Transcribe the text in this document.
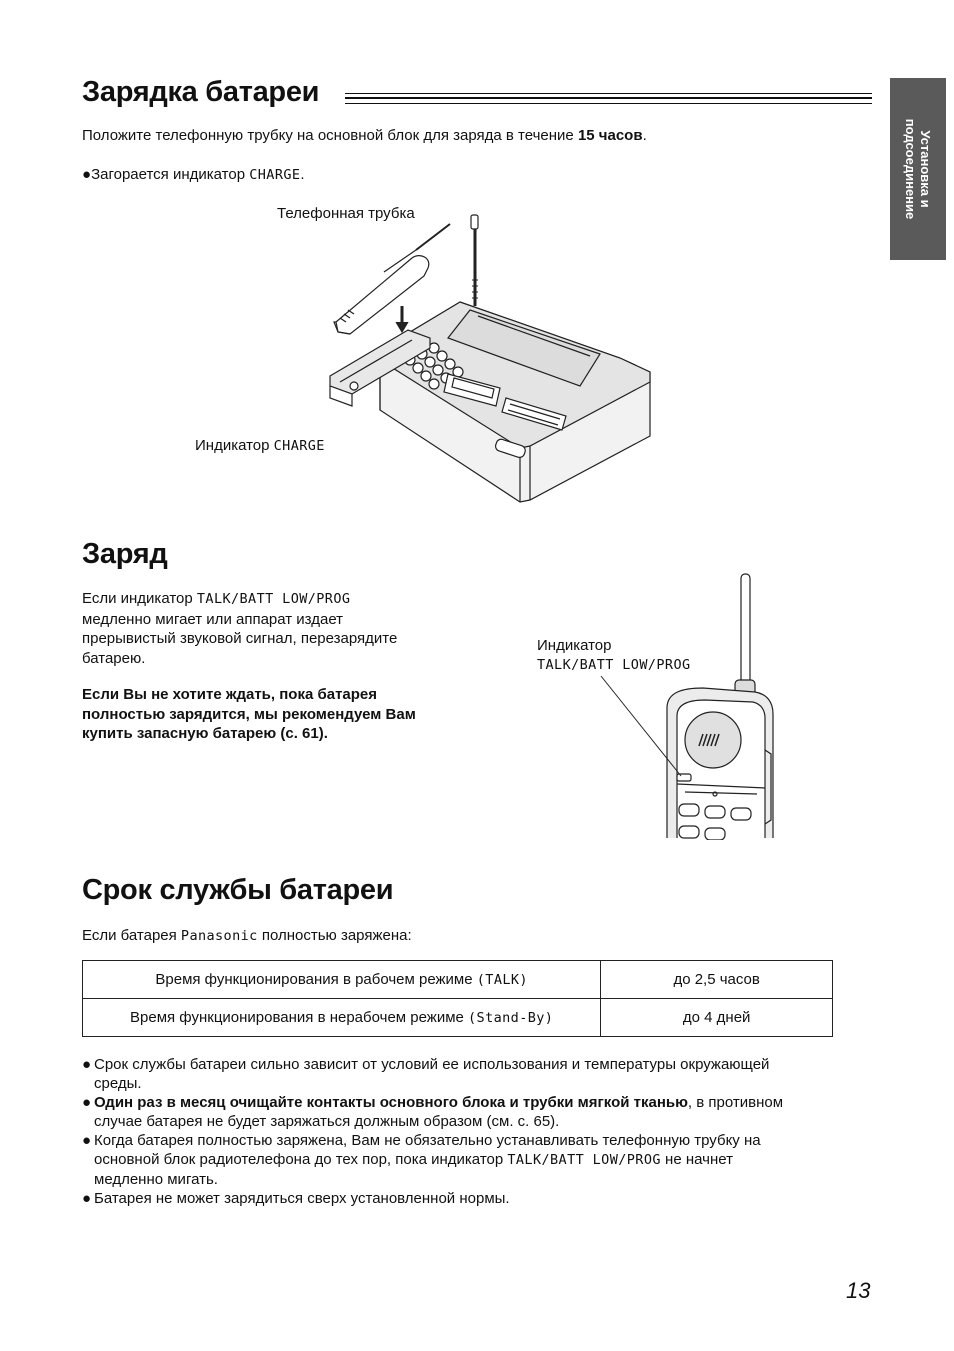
Установка и
подсоединение
Зарядка батареи
Положите телефонную трубку на основной блок для заряда в течение 15 часов.
●Загорается индикатор CHARGE.
Телефонная трубка
Индикатор CHARGE
Заряд
Если индикатор TALK/BATT LOW/PROG
медленно мигает или аппарат издает
прерывистый звуковой сигнал, перезарядите
батарею.
Если Вы не хотите ждать, пока батарея
полностью зарядится, мы рекомендуем Вам
купить запасную батарею (с. 61).
Индикатор
TALK/BATT LOW/PROG
Срок службы батареи
Если батарея Panasonic полностью заряжена:
Время функционирования в рабочем режиме (TALK)	до 2,5 часов
Время функционирования в нерабочем режиме (Stand-By)	до 4 дней
● Срок службы батареи сильно зависит от условий ее использования и температуры окружающей
среды.
● Один раз в месяц очищайте контакты основного блока и трубки мягкой тканью, в противном
случае батарея не будет заряжаться должным образом (см. с. 65).
● Когда батарея полностью заряжена, Вам не обязательно устанавливать телефонную трубку на
основной блок радиотелефона до тех пор, пока индикатор TALK/BATT LOW/PROG не начнет
медленно мигать.
● Батарея не может зарядиться сверх установленной нормы.
13
